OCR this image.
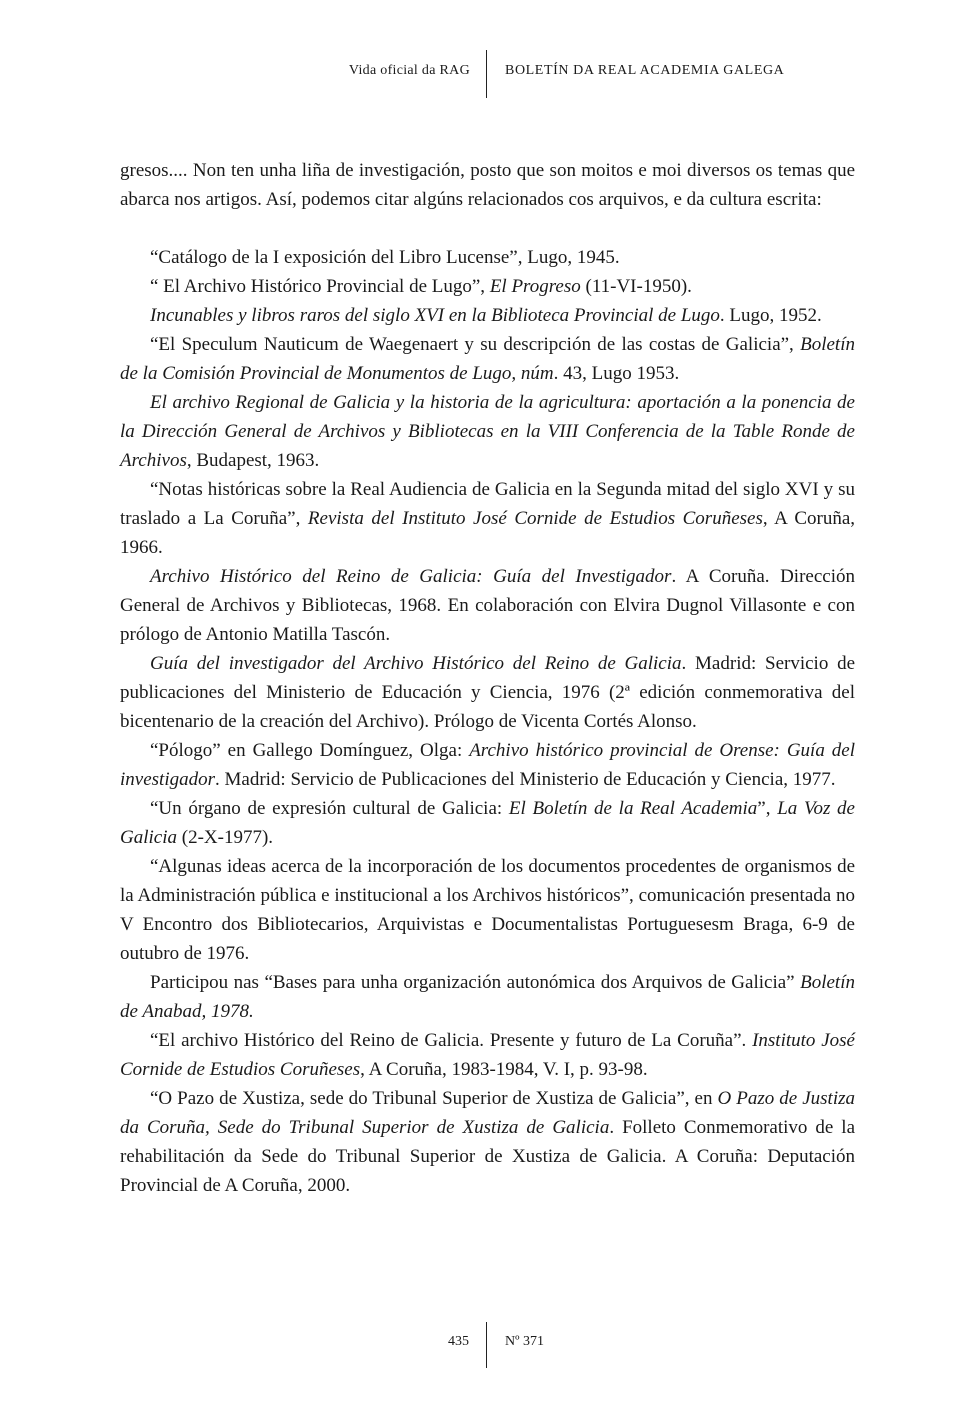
Vida oficial da RAG	BOLETÍN DA REAL ACADEMIA GALEGA

gresos.... Non ten unha liña de investigación, posto que son moitos e moi diversos os temas que abarca nos artigos. Así, podemos citar algúns relacionados cos arquivos, e da cultura escrita:

“Catálogo de la I exposición del Libro Lucense”, Lugo, 1945.

“ El Archivo Histórico Provincial de Lugo”, El Progreso (11-VI-1950).

Incunables y libros raros del siglo XVI en la Biblioteca Provincial de Lugo. Lugo, 1952.

“El Speculum Nauticum de Waegenaert y su descripción de las costas de Galicia”, Boletín de la Comisión Provincial de Monumentos de Lugo, núm. 43, Lugo 1953.

El archivo Regional de Galicia y la historia de la agricultura: aportación a la ponencia de la Dirección General de Archivos y Bibliotecas en la VIII Conferencia de la Table Ronde de Archivos, Budapest, 1963.

“Notas históricas sobre la Real Audiencia de Galicia en la Segunda mitad del siglo XVI y su traslado a La Coruña”, Revista del Instituto José Cornide de Estudios Coruñeses, A Coruña, 1966.

Archivo Histórico del Reino de Galicia: Guía del Investigador. A Coruña. Dirección General de Archivos y Bibliotecas, 1968. En colaboración con Elvira Dugnol Villasonte e con prólogo de Antonio Matilla Tascón.

Guía del investigador del Archivo Histórico del Reino de Galicia. Madrid: Servicio de publicaciones del Ministerio de Educación y Ciencia, 1976 (2ª edición conmemorativa del bicentenario de la creación del Archivo). Prólogo de Vicenta Cortés Alonso.

“Pólogo” en Gallego Domínguez, Olga: Archivo histórico provincial de Orense: Guía del investigador. Madrid: Servicio de Publicaciones del Ministerio de Educación y Ciencia, 1977.

“Un órgano de expresión cultural de Galicia: El Boletín de la Real Academia”, La Voz de Galicia (2-X-1977).

“Algunas ideas acerca de la incorporación de los documentos procedentes de organismos de la Administración pública e institucional a los Archivos históricos”, comunicación presentada no V Encontro dos Bibliotecarios, Arquivistas e Documentalistas Portuguesesm Braga, 6-9 de outubro de 1976.

Participou nas “Bases para unha organización autonómica dos Arquivos de Galicia” Boletín de Anabad, 1978.

“El archivo Histórico del Reino de Galicia. Presente y futuro de La Coruña”. Instituto José Cornide de Estudios Coruñeses, A Coruña, 1983-1984, V. I, p. 93-98.

“O Pazo de Xustiza, sede do Tribunal Superior de Xustiza de Galicia”, en O Pazo de Justiza da Coruña, Sede do Tribunal Superior de Xustiza de Galicia. Folleto Conmemorativo de la rehabilitación da Sede do Tribunal Superior de Xustiza de Galicia. A Coruña: Deputación Provincial de A Coruña, 2000.

435	Nº 371
